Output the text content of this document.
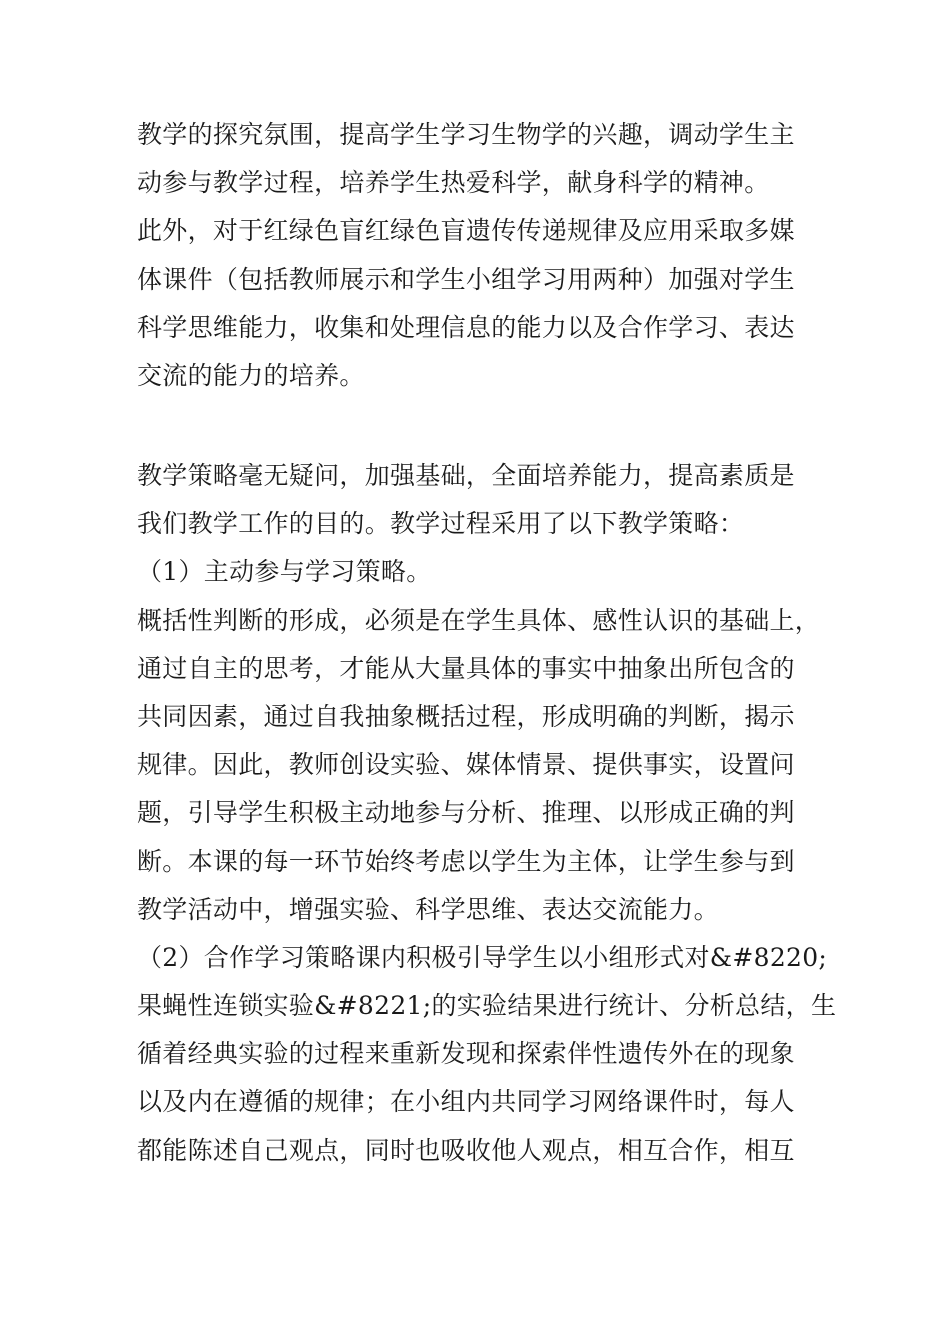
教学的探究氛围，提高学生学习生物学的兴趣，调动学生主
动参与教学过程，培养学生热爱科学，献身科学的精神。
此外，对于红绿色盲红绿色盲遗传传递规律及应用采取多媒
体课件（包括教师展示和学生小组学习用两种）加强对学生
科学思维能力，收集和处理信息的能力以及合作学习、表达
交流的能力的培养。
教学策略毫无疑问，加强基础，全面培养能力，提高素质是
我们教学工作的目的。教学过程采用了以下教学策略：
（1）主动参与学习策略。
概括性判断的形成，必须是在学生具体、感性认识的基础上，
通过自主的思考，才能从大量具体的事实中抽象出所包含的
共同因素，通过自我抽象概括过程，形成明确的判断，揭示
规律。因此，教师创设实验、媒体情景、提供事实，设置问
题，引导学生积极主动地参与分析、推理、以形成正确的判
断。本课的每一环节始终考虑以学生为主体，让学生参与到
教学活动中，增强实验、科学思维、表达交流能力。
（2）合作学习策略课内积极引导学生以小组形式对&#8220;
果蝇性连锁实验&#8221;的实验结果进行统计、分析总结，生
循着经典实验的过程来重新发现和探索伴性遗传外在的现象
以及内在遵循的规律；在小组内共同学习网络课件时，每人
都能陈述自己观点，同时也吸收他人观点，相互合作，相互
